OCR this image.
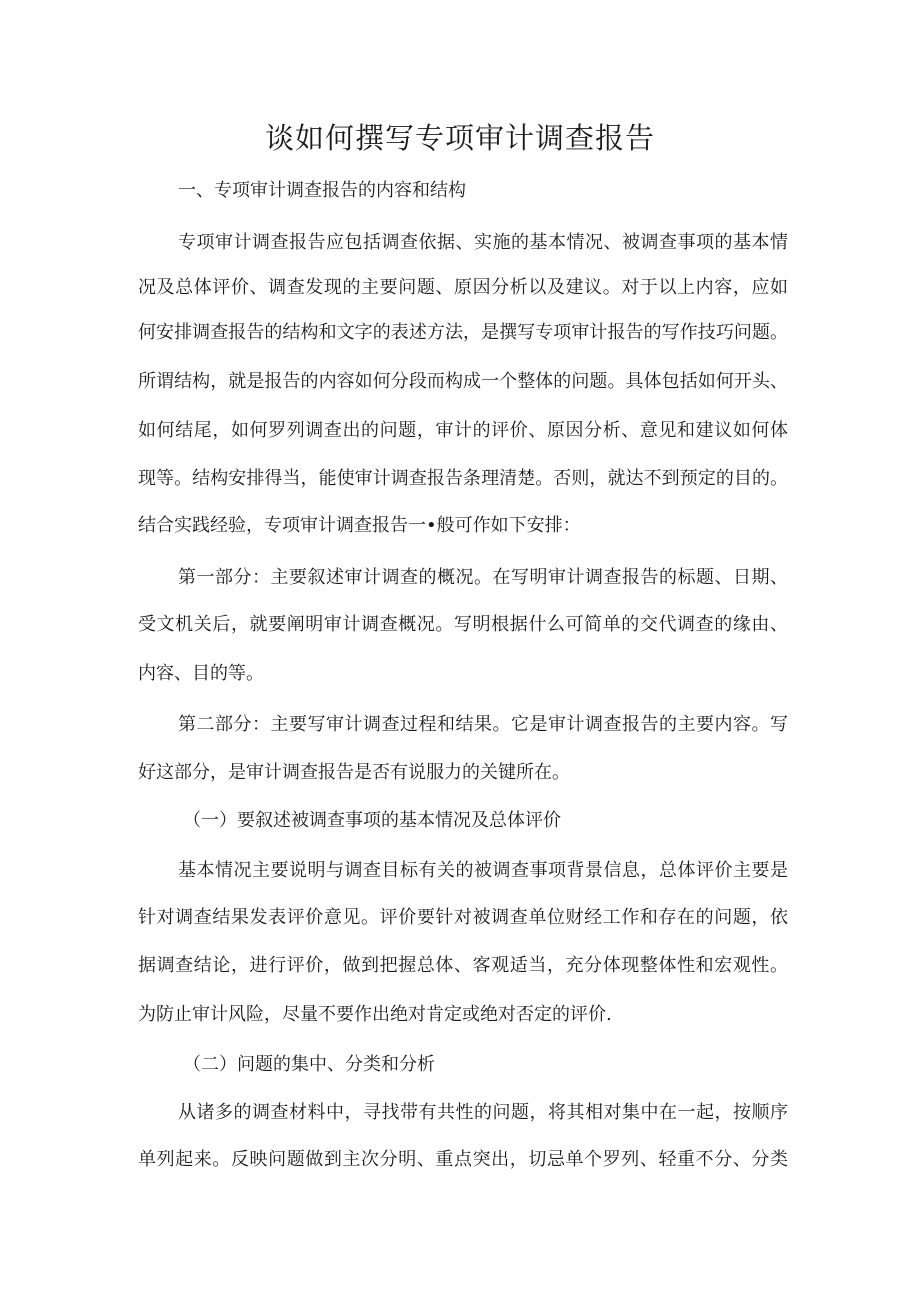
谈如何撰写专项审计调查报告
一、专项审计调查报告的内容和结构
专项审计调查报告应包括调查依据、实施的基本情况、被调查事项的基本情
况及总体评价、调查发现的主要问题、原因分析以及建议。对于以上内容，应如
何安排调查报告的结构和文字的表述方法，是撰写专项审计报告的写作技巧问题。
所谓结构，就是报告的内容如何分段而构成一个整体的问题。具体包括如何开头、
如何结尾，如何罗列调查出的问题，审计的评价、原因分析、意见和建议如何体
现等。结构安排得当，能使审计调查报告条理清楚。否则，就达不到预定的目的。
结合实践经验，专项审计调查报告一•般可作如下安排：
第一部分：主要叙述审计调查的概况。在写明审计调查报告的标题、日期、
受文机关后，就要阐明审计调查概况。写明根据什么可简单的交代调查的缘由、
内容、目的等。
第二部分：主要写审计调查过程和结果。它是审计调查报告的主要内容。写
好这部分，是审计调查报告是否有说服力的关键所在。
（一）要叙述被调查事项的基本情况及总体评价
基本情况主要说明与调查目标有关的被调查事项背景信息，总体评价主要是
针对调查结果发表评价意见。评价要针对被调查单位财经工作和存在的问题，依
据调查结论，进行评价，做到把握总体、客观适当，充分体现整体性和宏观性。
为防止审计风险，尽量不要作出绝对肯定或绝对否定的评价.
（二）问题的集中、分类和分析
从诸多的调查材料中，寻找带有共性的问题，将其相对集中在一起，按顺序
单列起来。反映问题做到主次分明、重点突出，切忌单个罗列、轻重不分、分类
